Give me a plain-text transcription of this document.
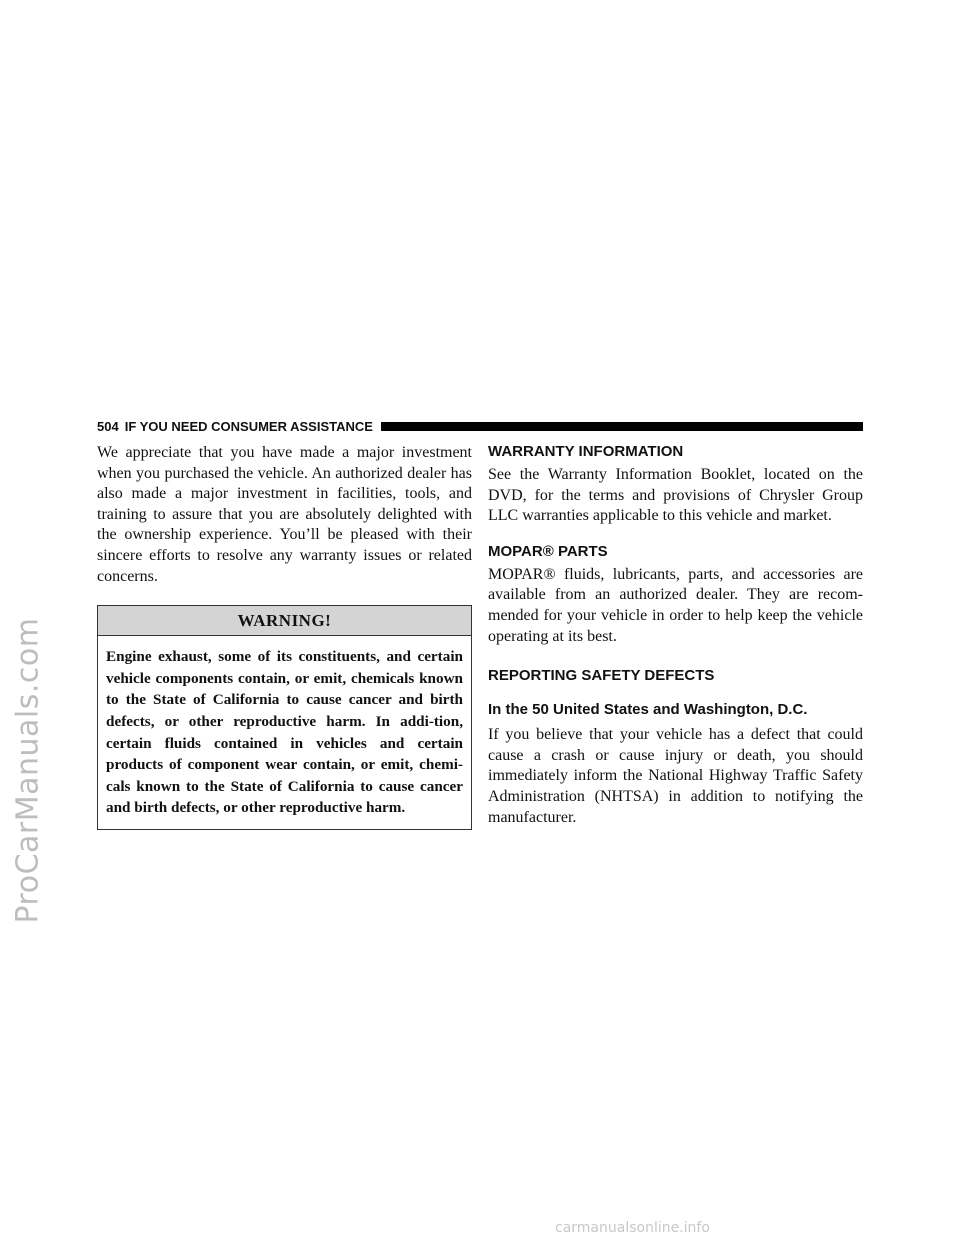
ProCarManuals.com
504 IF YOU NEED CONSUMER ASSISTANCE

We appreciate that you have made a major investment when you purchased the vehicle. An authorized dealer has also made a major investment in facilities, tools, and training to assure that you are absolutely delighted with the ownership experience. You’ll be pleased with their sincere efforts to resolve any warranty issues or related concerns.

WARNING!

Engine exhaust, some of its constituents, and certain vehicle components contain, or emit, chemicals known to the State of California to cause cancer and birth defects, or other reproductive harm. In addi-tion, certain fluids contained in vehicles and certain products of component wear contain, or emit, chemi-cals known to the State of California to cause cancer and birth defects, or other reproductive harm.

WARRANTY INFORMATION

See the Warranty Information Booklet, located on the DVD, for the terms and provisions of Chrysler Group LLC warranties applicable to this vehicle and market.

MOPAR® PARTS

MOPAR® fluids, lubricants, parts, and accessories are available from an authorized dealer. They are recom-mended for your vehicle in order to help keep the vehicle operating at its best.

REPORTING SAFETY DEFECTS
In the 50 United States and Washington, D.C.

If you believe that your vehicle has a defect that could cause a crash or cause injury or death, you should immediately inform the National Highway Traffic Safety Administration (NHTSA) in addition to notifying the manufacturer.

carmanualsonline.info
